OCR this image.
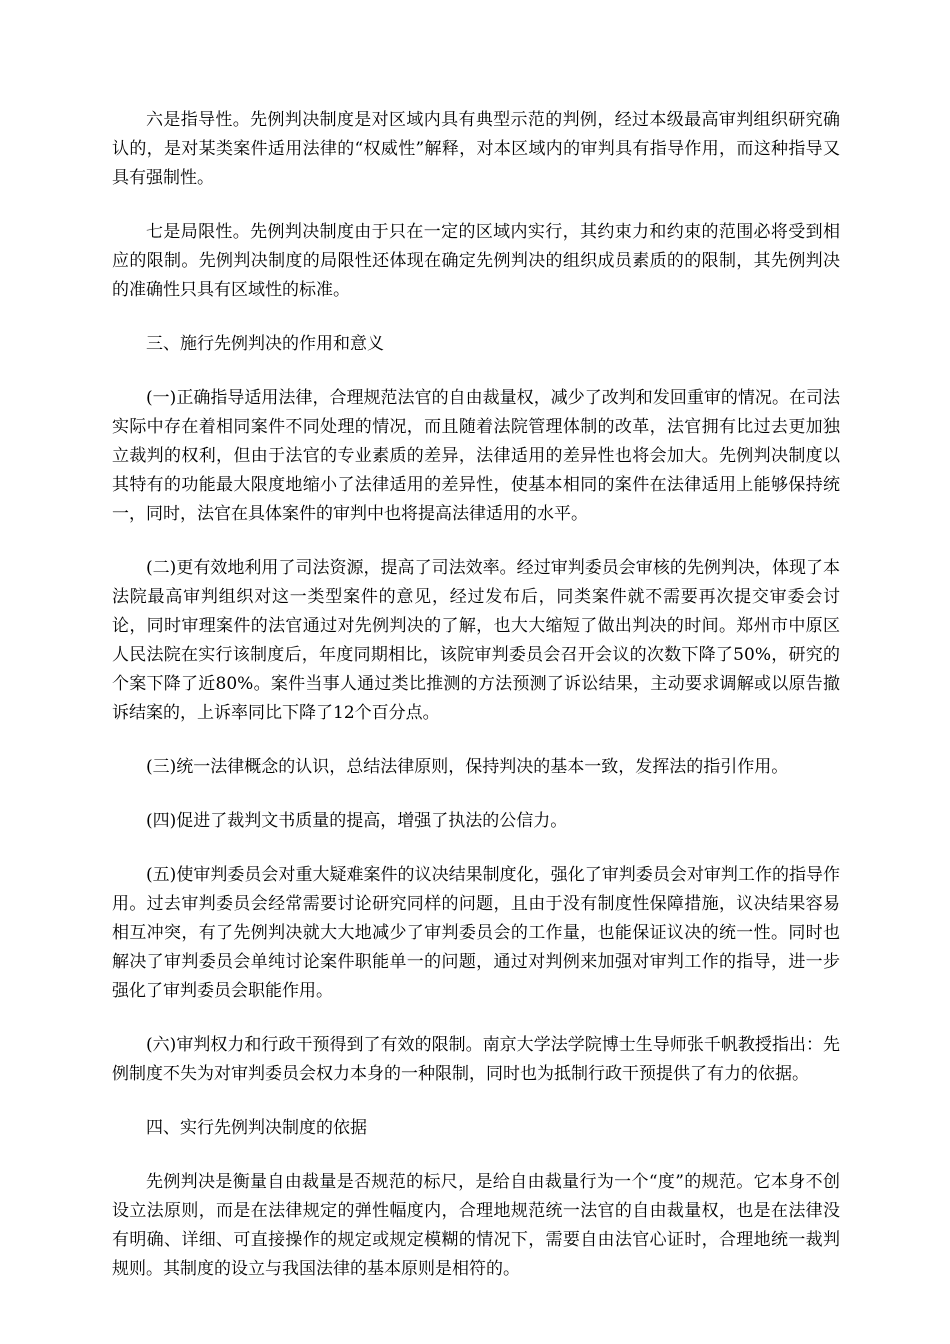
六是指导性。先例判决制度是对区域内具有典型示范的判例，经过本级最高审判组织研究确认的，是对某类案件适用法律的“权威性”解释，对本区域内的审判具有指导作用，而这种指导又具有强制性。

七是局限性。先例判决制度由于只在一定的区域内实行，其约束力和约束的范围必将受到相应的限制。先例判决制度的局限性还体现在确定先例判决的组织成员素质的的限制，其先例判决的准确性只具有区域性的标准。

三、施行先例判决的作用和意义

(一)正确指导适用法律，合理规范法官的自由裁量权，减少了改判和发回重审的情况。在司法实际中存在着相同案件不同处理的情况，而且随着法院管理体制的改革，法官拥有比过去更加独立裁判的权利，但由于法官的专业素质的差异，法律适用的差异性也将会加大。先例判决制度以其特有的功能最大限度地缩小了法律适用的差异性，使基本相同的案件在法律适用上能够保持统一，同时，法官在具体案件的审判中也将提高法律适用的水平。

(二)更有效地利用了司法资源，提高了司法效率。经过审判委员会审核的先例判决，体现了本法院最高审判组织对这一类型案件的意见，经过发布后，同类案件就不需要再次提交审委会讨论，同时审理案件的法官通过对先例判决的了解，也大大缩短了做出判决的时间。郑州市中原区人民法院在实行该制度后，年度同期相比，该院审判委员会召开会议的次数下降了50%，研究的个案下降了近80%。案件当事人通过类比推测的方法预测了诉讼结果，主动要求调解或以原告撤诉结案的，上诉率同比下降了12个百分点。

(三)统一法律概念的认识，总结法律原则，保持判决的基本一致，发挥法的指引作用。

(四)促进了裁判文书质量的提高，增强了执法的公信力。

(五)使审判委员会对重大疑难案件的议决结果制度化，强化了审判委员会对审判工作的指导作用。过去审判委员会经常需要讨论研究同样的问题，且由于没有制度性保障措施，议决结果容易相互冲突，有了先例判决就大大地减少了审判委员会的工作量，也能保证议决的统一性。同时也解决了审判委员会单纯讨论案件职能单一的问题，通过对判例来加强对审判工作的指导，进一步强化了审判委员会职能作用。

(六)审判权力和行政干预得到了有效的限制。南京大学法学院博士生导师张千帆教授指出：先例制度不失为对审判委员会权力本身的一种限制，同时也为抵制行政干预提供了有力的依据。

四、实行先例判决制度的依据

先例判决是衡量自由裁量是否规范的标尺，是给自由裁量行为一个“度”的规范。它本身不创设立法原则，而是在法律规定的弹性幅度内，合理地规范统一法官的自由裁量权，也是在法律没有明确、详细、可直接操作的规定或规定模糊的情况下，需要自由法官心证时，合理地统一裁判规则。其制度的设立与我国法律的基本原则是相符的。
